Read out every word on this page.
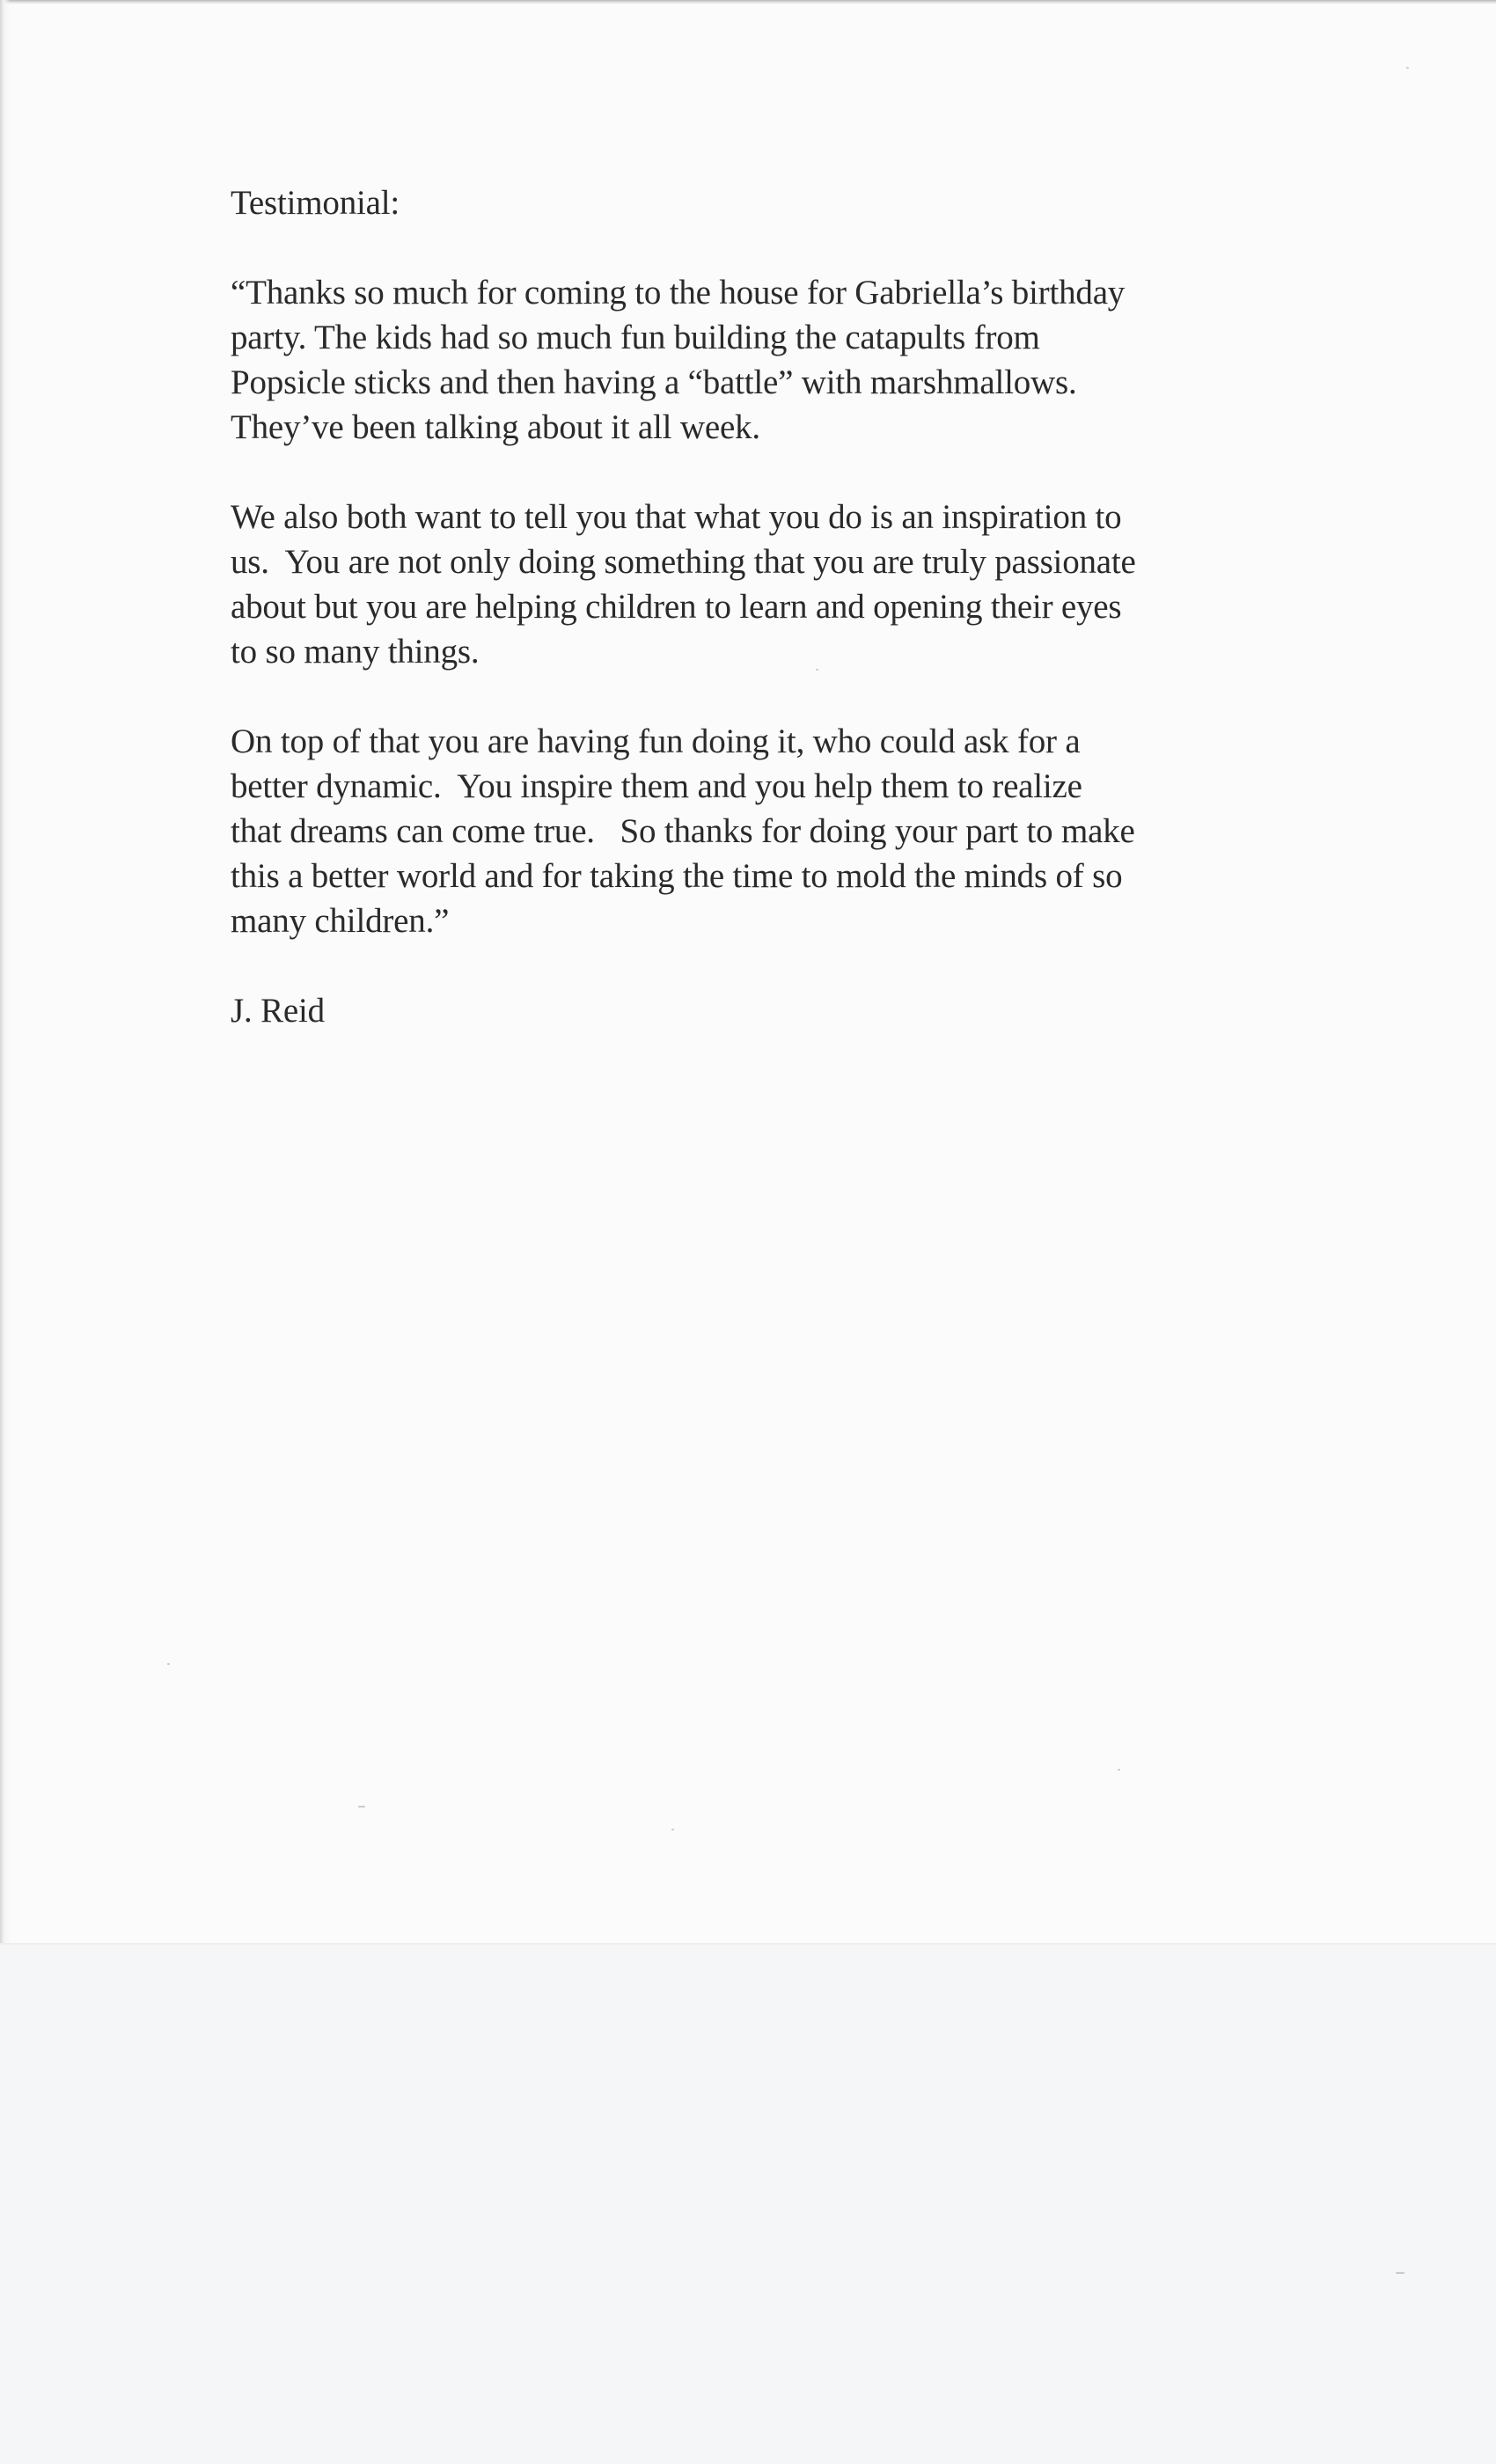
Testimonial:

“Thanks so much for coming to the house for Gabriella’s birthday
party. The kids had so much fun building the catapults from
Popsicle sticks and then having a “battle” with marshmallows.
They’ve been talking about it all week.

We also both want to tell you that what you do is an inspiration to
us.  You are not only doing something that you are truly passionate
about but you are helping children to learn and opening their eyes
to so many things.

On top of that you are having fun doing it, who could ask for a
better dynamic.  You inspire them and you help them to realize
that dreams can come true.   So thanks for doing your part to make
this a better world and for taking the time to mold the minds of so
many children.”

J. Reid
